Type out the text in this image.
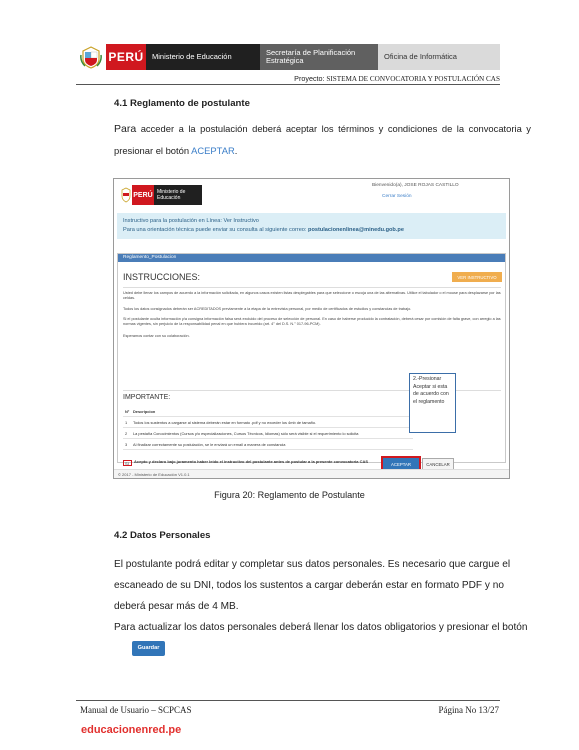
PERÚ	Ministerio de Educación	Secretaría de Planificación Estratégica	Oficina de Informática
Proyecto: SISTEMA DE CONVOCATORIA Y POSTULACIÓN CAS
4.1 Reglamento de postulante
Para acceder a la postulación deberá aceptar los términos y condiciones de la convocatoria y presionar el botón ACEPTAR.
PERÚ Ministerio de Educación
Bienvenido(a), JOSE ROJAS CASTILLO
Cerrar Sesión
Instructivo para la postulación en Línea: Ver Instructivo
Para una orientación técnica puede enviar su consulta al siguiente correo: postulacionenlinea@minedu.gob.pe
Reglamento_Postulacion
INSTRUCCIONES:	VER INSTRUCTIVO
Usted debe llenar los campos de acuerdo a la información solicitada, en algunos casos existen listas desplegables para que seleccione o escoja una de las alternativas. Utilice el tabulador o el mouse para desplazarse por las celdas.
Todos los datos consignados deberán ser ACREDITADOS previamente a la etapa de la entrevista personal, por medio de certificados de estudios y constancias de trabajo.
Si el postulante oculta información y/a consigna información falsa será excluido del proceso de selección de personal. En caso de haberse producido la contratación, deberá cesar por comisión de falta grave, con arreglo a las normas vigentes, sin perjuicio de la responsabilidad penal en que hubiera incurrido (art. 4° del D.S. N.° 017-96-PCM).
Esperamos contar con su colaboración.
IMPORTANTE:
N° Descripcion
1	Todos los sustentos a cargarse al sistema deberán estar en formato .pdf y no exceder los 4mb de tamaño.
2	La pestaña Conocimientos (Cursos y/o especializaciones, Cursos Técnicos, Idiomas) sólo será visible si el requerimiento lo solicita
3	Al finalizar correctamente su postulación, se le enviará un email a manera de constancia
SI Acepto y declaro bajo juramento haber leído el instructivo del postulante antes de postular a la presente convocatoria CAS	ACEPTAR	CANCELAR
2.-Presionar Aceptar si esta de acuerdo con el reglamento
© 2017 - Ministerio de Educación V1.0.1
Figura 20: Reglamento de Postulante
4.2 Datos Personales
El postulante podrá editar y completar sus datos personales. Es necesario que cargue el escaneado de su DNI, todos los sustentos a cargar deberán estar en formato PDF y no deberá pesar más de 4 MB.
Para actualizar los datos personales deberá llenar los datos obligatorios y presionar el botónGuardar
Manual de Usuario – SCPCAS	Página No 13/27
educacionenred.pe
